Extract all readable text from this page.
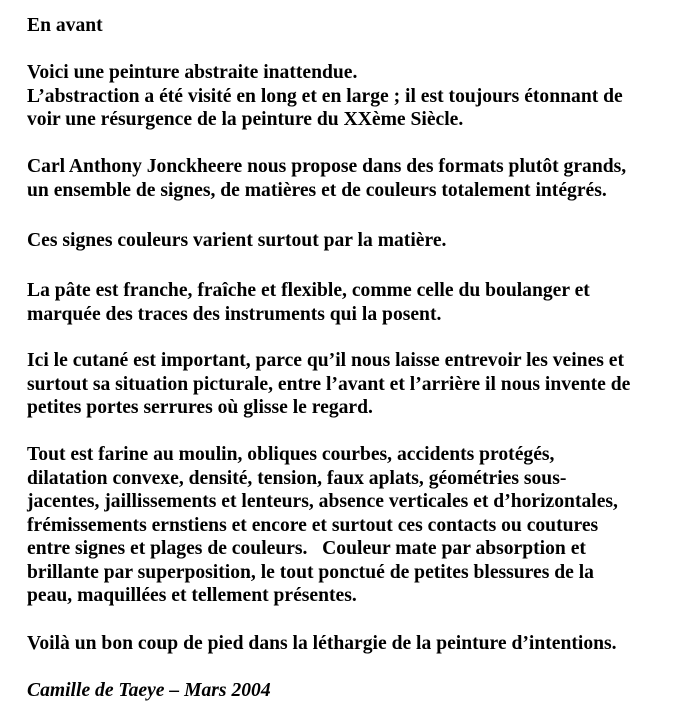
En avant
Voici une peinture abstraite inattendue.
L’abstraction a été visité en long et en large ; il est toujours étonnant de
voir une résurgence de la peinture du XXème Siècle.
Carl Anthony Jonckheere nous propose dans des formats plutôt grands,
un ensemble de signes, de matières et de couleurs totalement intégrés.
Ces signes couleurs varient surtout par la matière.
La pâte est franche, fraîche et flexible, comme celle du boulanger et
marquée des traces des instruments qui la posent.
Ici le cutané est important, parce qu’il nous laisse entrevoir les veines et
surtout sa situation picturale, entre l’avant et l’arrière il nous invente de
petites portes serrures où glisse le regard.
Tout est farine au moulin, obliques courbes, accidents protégés,
dilatation convexe, densité, tension, faux aplats, géométries sous-
jacentes, jaillissements et lenteurs, absence verticales et d’horizontales,
frémissements ernstiens et encore et surtout ces contacts ou coutures
entre signes et plages de couleurs.   Couleur mate par absorption et
brillante par superposition, le tout ponctué de petites blessures de la
peau, maquillées et tellement présentes.
Voilà un bon coup de pied dans la léthargie de la peinture d’intentions.
Camille de Taeye – Mars 2004
